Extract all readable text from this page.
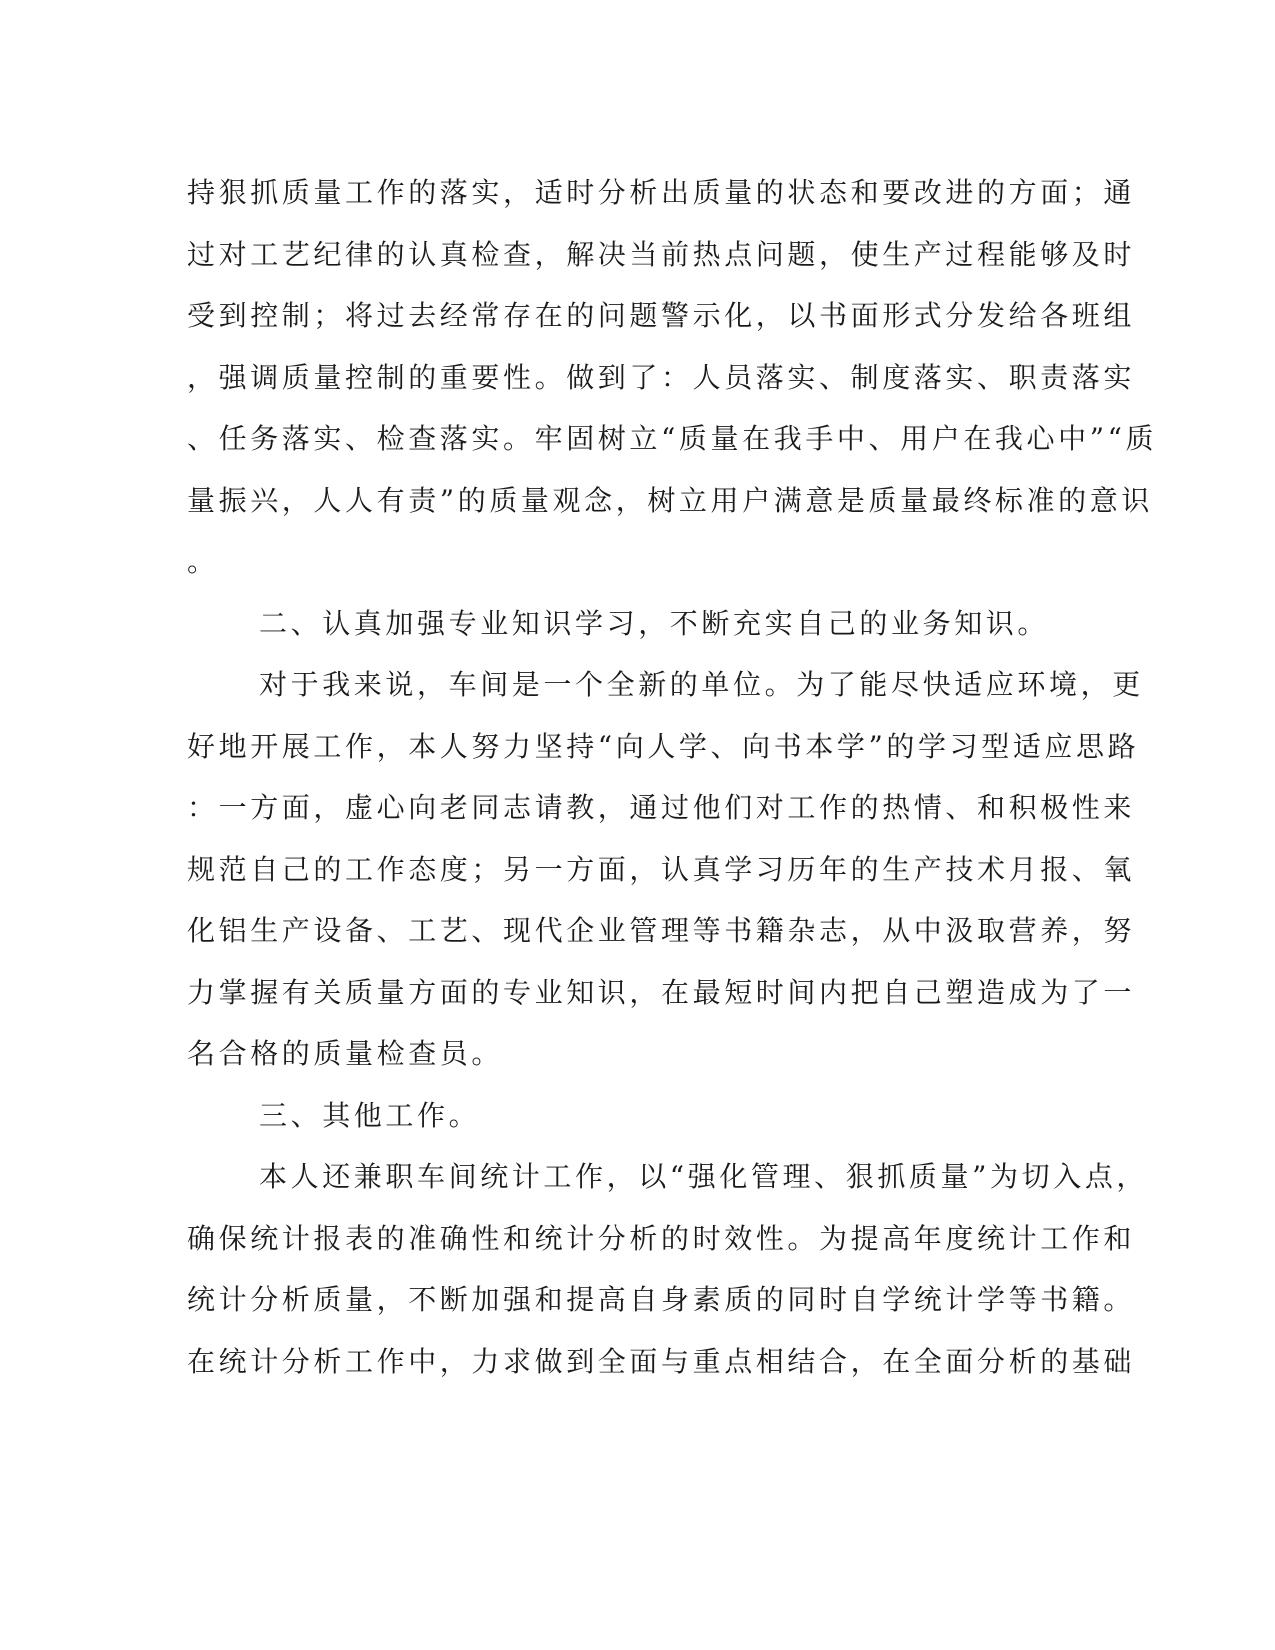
持狠抓质量工作的落实，适时分析出质量的状态和要改进的方面；通
过对工艺纪律的认真检查，解决当前热点问题，使生产过程能够及时
受到控制；将过去经常存在的问题警示化，以书面形式分发给各班组
，强调质量控制的重要性。做到了：人员落实、制度落实、职责落实
、任务落实、检查落实。牢固树立“质量在我手中、用户在我心中”“质
量振兴，人人有责”的质量观念，树立用户满意是质量最终标准的意识
。
二、认真加强专业知识学习，不断充实自己的业务知识。
对于我来说，车间是一个全新的单位。为了能尽快适应环境，更
好地开展工作，本人努力坚持“向人学、向书本学”的学习型适应思路
：一方面，虚心向老同志请教，通过他们对工作的热情、和积极性来
规范自己的工作态度；另一方面，认真学习历年的生产技术月报、氧
化铝生产设备、工艺、现代企业管理等书籍杂志，从中汲取营养，努
力掌握有关质量方面的专业知识，在最短时间内把自己塑造成为了一
名合格的质量检查员。
三、其他工作。
本人还兼职车间统计工作，以“强化管理、狠抓质量”为切入点，
确保统计报表的准确性和统计分析的时效性。为提高年度统计工作和
统计分析质量，不断加强和提高自身素质的同时自学统计学等书籍。
在统计分析工作中，力求做到全面与重点相结合，在全面分析的基础
